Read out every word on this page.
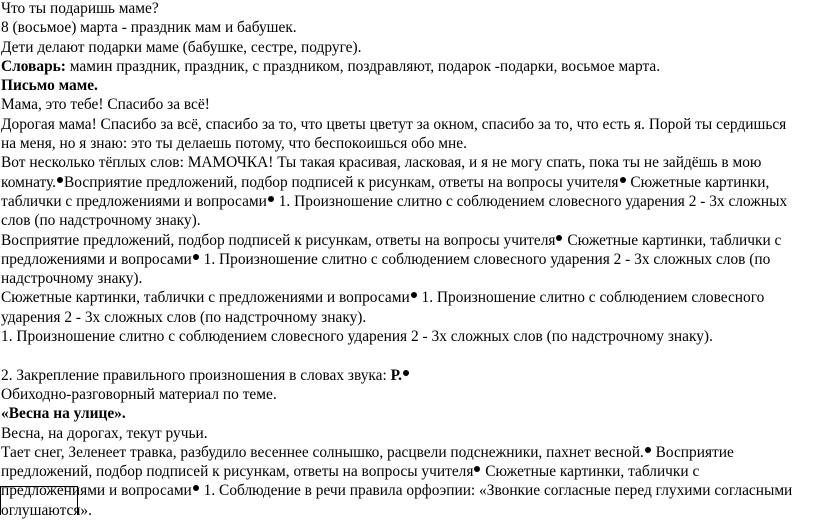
Что ты подаришь маме?
8 (восьмое) марта - праздник мам и бабушек.
Дети делают подарки маме (бабушке, сестре, подруге).
Словарь: мамин праздник, праздник, с праздником, поздравляют, подарок -подарки, восьмое марта.
Письмо маме.
Мама, это тебе! Спасибо за всё!
Дорогая мама! Спасибо за всё, спасибо за то, что цветы цветут за окном, спасибо за то, что есть я. Порой ты сердишься
на меня, но я знаю: это ты делаешь потому, что беспокоишься обо мне.
Вот несколько тёплых слов: МАМОЧКА! Ты такая красивая, ласковая, и я не могу спать, пока ты не зайдёшь в мою
комнату. Восприятие предложений, подбор подписей к рисункам, ответы на вопросы учителя Сюжетные картинки,
таблички с предложениями и вопросами 1. Произношение слитно с соблюдением словесного ударения 2 - 3х сложных
слов (по надстрочному знаку).
Восприятие предложений, подбор подписей к рисункам, ответы на вопросы учителя Сюжетные картинки, таблички с
предложениями и вопросами 1. Произношение слитно с соблюдением словесного ударения 2 - 3х сложных слов (по
надстрочному знаку).
Сюжетные картинки, таблички с предложениями и вопросами 1. Произношение слитно с соблюдением словесного
ударения 2 - 3х сложных слов (по надстрочному знаку).
1. Произношение слитно с соблюдением словесного ударения 2 - 3х сложных слов (по надстрочному знаку).
2. Закрепление правильного произношения в словах звука: Р.
Обиходно-разговорный материал по теме.
«Весна на улице».
Весна, на дорогах, текут ручьи.
Тает снег, Зеленеет травка, разбудило весеннее солнышко, расцвели подснежники, пахнет весной. Восприятие
предложений, подбор подписей к рисункам, ответы на вопросы учителя Сюжетные картинки, таблички с
предложениями и вопросами 1. Соблюдение в речи правила орфоэпии: «Звонкие согласные перед глухими согласными
оглушаются».
